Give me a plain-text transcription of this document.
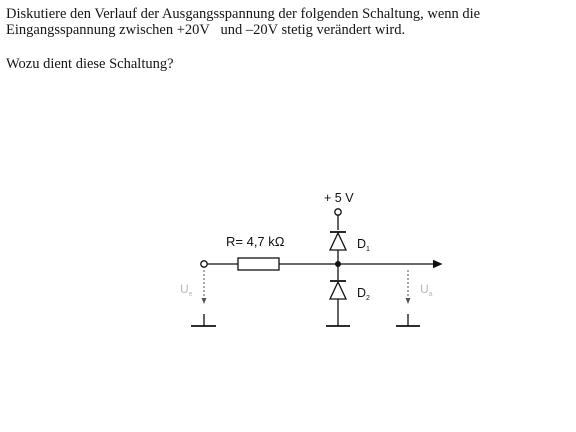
Diskutiere den Verlauf der Ausgangsspannung der folgenden Schaltung, wenn die
Eingangsspannung zwischen +20V   und –20V stetig verändert wird.
Wozu dient diese Schaltung?
+ 5 V
R= 4,7 kΩ	$D_1$
$D_2$
$U_e$	$U_a$
